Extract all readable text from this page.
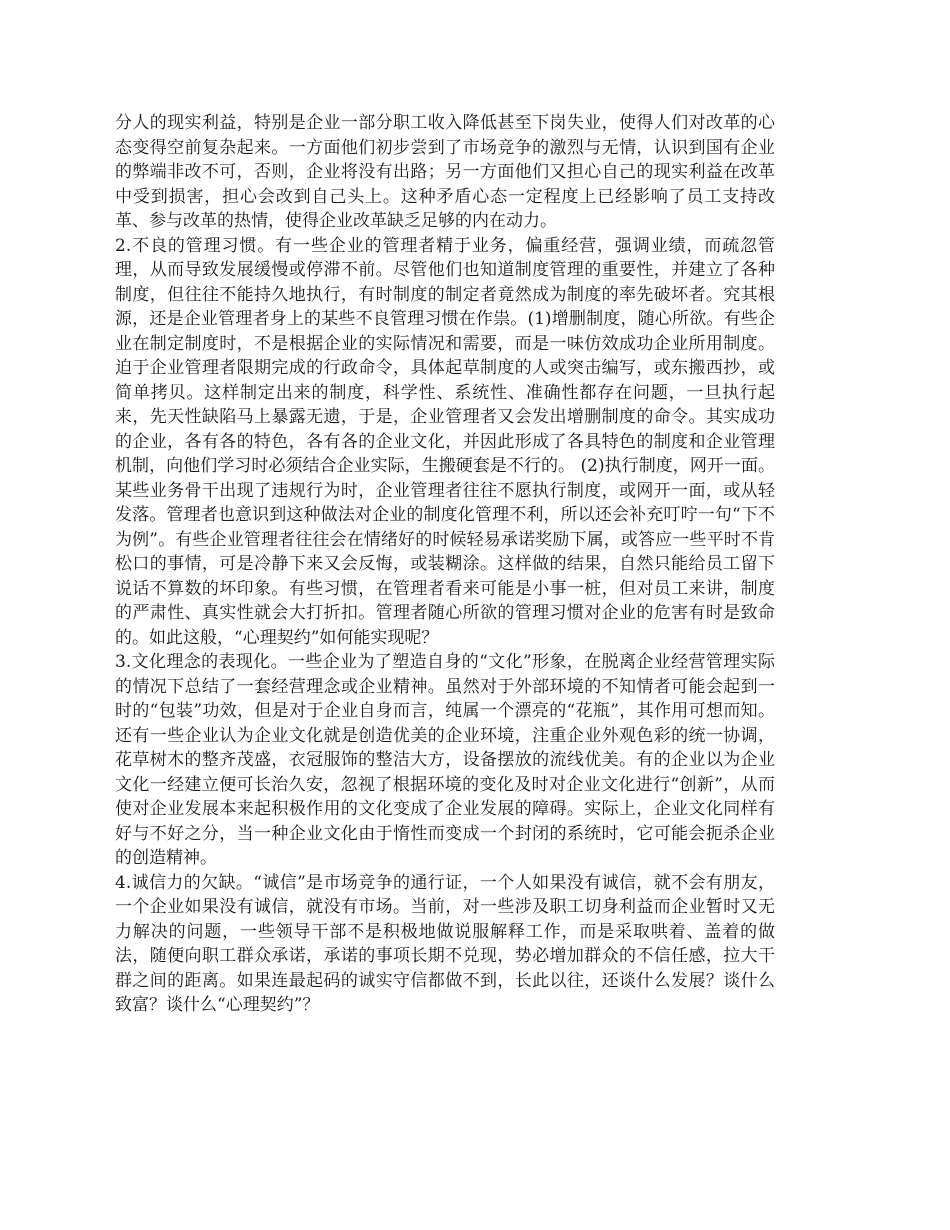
分人的现实利益，特别是企业一部分职工收入降低甚至下岗失业，使得人们对改革的心态变得空前复杂起来。一方面他们初步尝到了市场竞争的激烈与无情，认识到国有企业的弊端非改不可，否则，企业将没有出路；另一方面他们又担心自己的现实利益在改革中受到损害，担心会改到自己头上。这种矛盾心态一定程度上已经影响了员工支持改革、参与改革的热情，使得企业改革缺乏足够的内在动力。

2.不良的管理习惯。有一些企业的管理者精于业务，偏重经营，强调业绩，而疏忽管理，从而导致发展缓慢或停滞不前。尽管他们也知道制度管理的重要性，并建立了各种制度，但往往不能持久地执行，有时制度的制定者竟然成为制度的率先破坏者。究其根源，还是企业管理者身上的某些不良管理习惯在作祟。(1)增删制度，随心所欲。有些企业在制定制度时，不是根据企业的实际情况和需要，而是一味仿效成功企业所用制度。迫于企业管理者限期完成的行政命令，具体起草制度的人或突击编写，或东搬西抄，或简单拷贝。这样制定出来的制度，科学性、系统性、准确性都存在问题，一旦执行起来，先天性缺陷马上暴露无遗，于是，企业管理者又会发出增删制度的命令。其实成功的企业，各有各的特色，各有各的企业文化，并因此形成了各具特色的制度和企业管理机制，向他们学习时必须结合企业实际，生搬硬套是不行的。 (2)执行制度，网开一面。某些业务骨干出现了违规行为时，企业管理者往往不愿执行制度，或网开一面，或从轻发落。管理者也意识到这种做法对企业的制度化管理不利，所以还会补充叮咛一句“下不为例”。有些企业管理者往往会在情绪好的时候轻易承诺奖励下属，或答应一些平时不肯松口的事情，可是冷静下来又会反悔，或装糊涂。这样做的结果，自然只能给员工留下说话不算数的坏印象。有些习惯，在管理者看来可能是小事一桩，但对员工来讲，制度的严肃性、真实性就会大打折扣。管理者随心所欲的管理习惯对企业的危害有时是致命的。如此这般，“心理契约”如何能实现呢？

3.文化理念的表现化。一些企业为了塑造自身的“文化”形象，在脱离企业经营管理实际的情况下总结了一套经营理念或企业精神。虽然对于外部环境的不知情者可能会起到一时的“包装”功效，但是对于企业自身而言，纯属一个漂亮的“花瓶”，其作用可想而知。还有一些企业认为企业文化就是创造优美的企业环境，注重企业外观色彩的统一协调，花草树木的整齐茂盛，衣冠服饰的整洁大方，设备摆放的流线优美。有的企业以为企业文化一经建立便可长治久安，忽视了根据环境的变化及时对企业文化进行“创新”，从而使对企业发展本来起积极作用的文化变成了企业发展的障碍。实际上，企业文化同样有好与不好之分，当一种企业文化由于惰性而变成一个封闭的系统时，它可能会扼杀企业的创造精神。

4.诚信力的欠缺。“诚信”是市场竞争的通行证，一个人如果没有诚信，就不会有朋友，一个企业如果没有诚信，就没有市场。当前，对一些涉及职工切身利益而企业暂时又无力解决的问题，一些领导干部不是积极地做说服解释工作，而是采取哄着、盖着的做法，随便向职工群众承诺，承诺的事项长期不兑现，势必增加群众的不信任感，拉大干群之间的距离。如果连最起码的诚实守信都做不到，长此以往，还谈什么发展？谈什么致富？谈什么“心理契约”？
